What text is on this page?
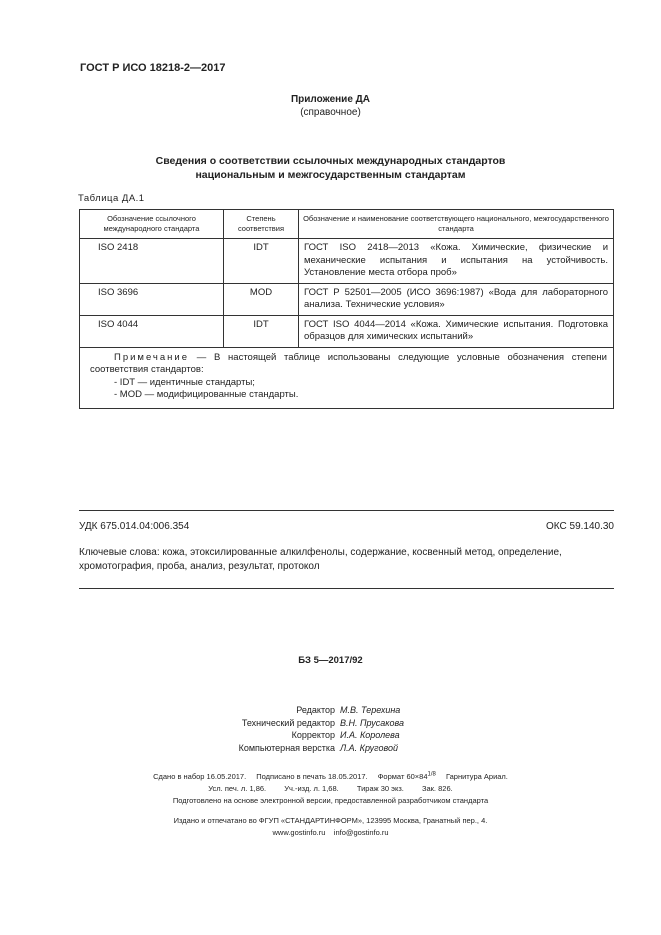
ГОСТ Р ИСО 18218-2—2017
Приложение ДА
(справочное)
Сведения о соответствии ссылочных международных стандартов
национальным и межгосударственным стандартам
Таблица ДА.1
Обозначение ссылочного международного стандарта	Степень соответствия	Обозначение и наименование соответствующего национального, межгосударственного стандарта
ISO 2418	IDT	ГОСТ ISO 2418—2013 «Кожа. Химические, физические и механические испытания и испытания на устойчивость. Установление места отбора проб»
ISO 3696	MOD	ГОСТ Р 52501—2005 (ИСО 3696:1987) «Вода для лабораторного анализа. Технические условия»
ISO 4044	IDT	ГОСТ ISO 4044—2014 «Кожа. Химические испытания. Подготовка образцов для химических испытаний»

Примечание — В настоящей таблице использованы следующие условные обозначения степени соответствия стандартов:
- IDT — идентичные стандарты;
- MOD — модифицированные стандарты.		
УДК 675.014.04:006.354	ОКС 59.140.30
Ключевые слова: кожа, этоксилированные алкилфенолы, содержание, косвенный метод, определение, хромотография, проба, анализ, результат, протокол
БЗ 5—2017/92
Редактор М.В. Терехина
Технический редактор В.Н. Прусакова
Корректор И.А. Королева
Компьютерная верстка Л.А. Круговой
Сдано в набор 16.05.2017. Подписано в печать 18.05.2017. Формат $60\times 84^{1/8}$ Гарнитура Ариал.
Усл. печ. л. 1,86. Уч.-изд. л. 1,68. Тираж 30 экз. Зак. 826.
Подготовлено на основе электронной версии, предоставленной разработчиком стандарта
Издано и отпечатано во ФГУП «СТАНДАРТИНФОРМ», 123995 Москва, Гранатный пер., 4.
www.gostinfo.ru info@gostinfo.ru
